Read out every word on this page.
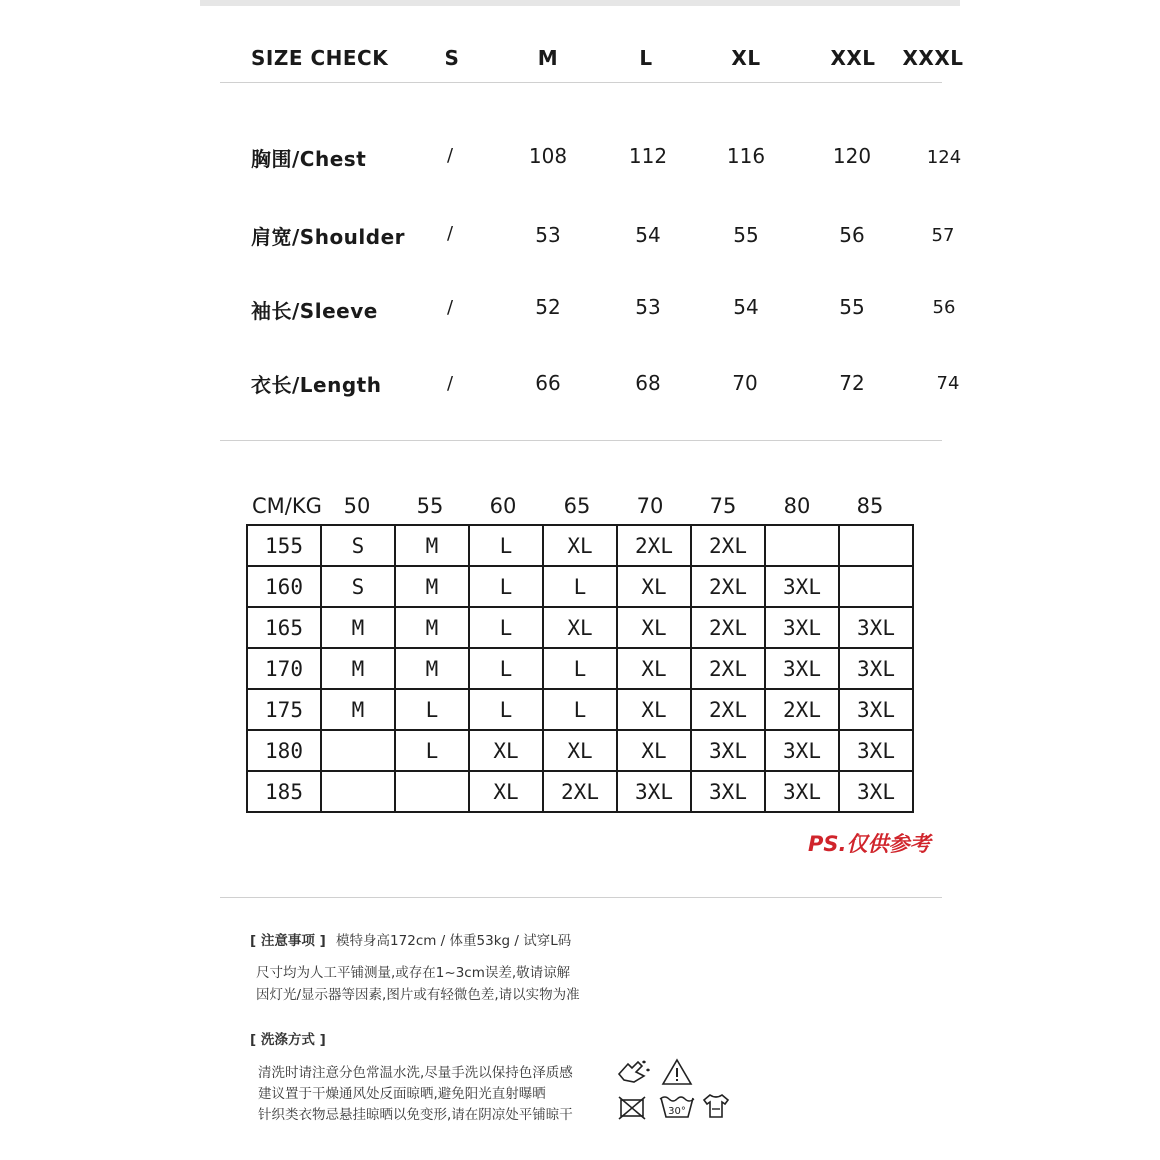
SIZE CHECK	S	M	L	XL	XXL	XXXL
胸围/Chest	/	108	112	116	120	124
肩宽/Shoulder /	53	54	55	56	57
袖长/Sleeve	/	52	53	54	55	56
衣长/Length	/	66	68	70	72	74
CM/KG	50	55	60	65	70	75	80	85
155	S	M	L	XL	2XL	2XL		
160	S	M	L	L	XL	2XL	3XL	
165	M	M	L	XL	XL	2XL	3XL	3XL
170	M	M	L	L	XL	2XL	3XL	3XL
175	M	L	L	L	XL	2XL	2XL	3XL
180		L	XL	XL	XL	3XL	3XL	3XL
185			XL	2XL	3XL	3XL	3XL	3XL
PS.仅供参考
[ 注意事项 ] 模特身高172cm / 体重53kg / 试穿L码
尺寸均为人工平铺测量,或存在1~3cm误差,敬请谅解
因灯光/显示器等因素,图片或有轻微色差,请以实物为准
[ 洗涤方式 ]
清洗时请注意分色常温水洗,尽量手洗以保持色泽质感
建议置于干燥通风处反面晾晒,避免阳光直射曝晒
针织类衣物忌悬挂晾晒以免变形,请在阴凉处平铺晾干	30°
